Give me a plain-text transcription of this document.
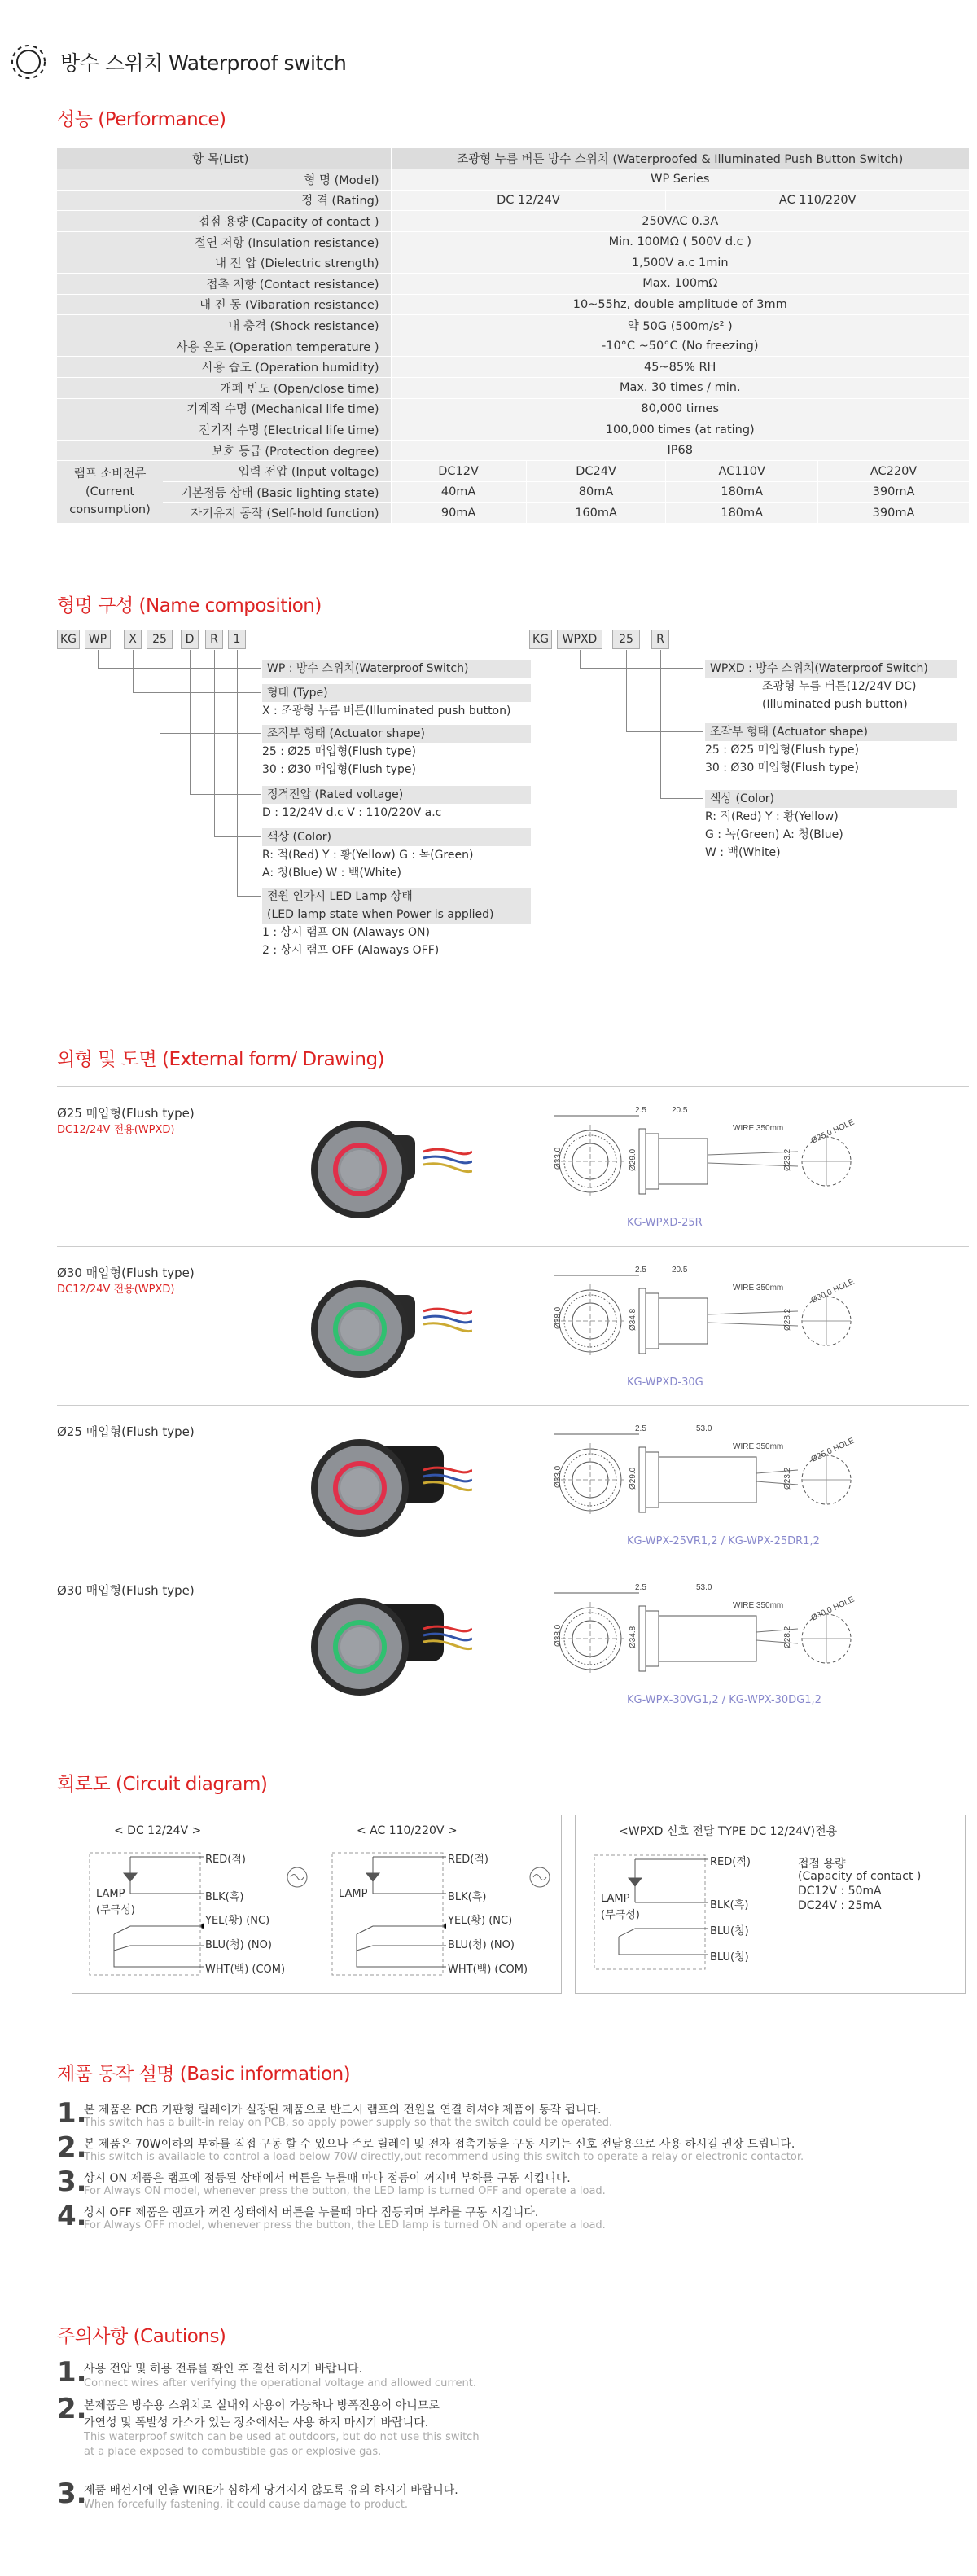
방수 스위치 Waterproof switch
성능 (Performance)
항 목(List)		조광형 누름 버튼 방수 스위치 (Waterproofed & Illuminated Push Button Switch)			
형 명 (Model)		WP Series			
정 격 (Rating)		DC 12/24V		AC 110/220V	
접점 용량 (Capacity of contact )		250VAC 0.3A			
절연 저항 (Insulation resistance)		Min. 100MΩ ( 500V d.c )			
내 전 압 (Dielectric strength)		1,500V a.c 1min			
접촉 저항 (Contact resistance)		Max. 100mΩ			
내 진 동 (Vibaration resistance)		10~55hz, double amplitude of 3mm			
내 충격 (Shock resistance)		약 50G (500m/s² )			
사용 온도 (Operation temperature )		-10°C ~50°C (No freezing)			
사용 습도 (Operation humidity)		45~85% RH			
개폐 빈도 (Open/close time)		Max. 30 times / min.			
기계적 수명 (Mechanical life time)		80,000 times			
전기적 수명 (Electrical life time)		100,000 times (at rating)			
보호 등급 (Protection degree)		IP68			
램프 소비전류 (Current consumption)	입력 전압 (Input voltage)	DC12V	DC24V	AC110V	AC220V
	기본점등 상태 (Basic lighting state)	40mA	80mA	180mA	390mA
	자기유지 동작 (Self-hold function)	90mA	160mA	180mA	390mA
형명 구성 (Name composition)
KG	WP	X	25	D	R	1	KG	WPXD	25	R
WP : 방수 스위치(Waterproof Switch)
형태 (Type)
X : 조광형 누름 버튼(Illuminated push button)
조작부 형태 (Actuator shape)
25 : Ø25 매입형(Flush type)
30 : Ø30 매입형(Flush type)
정격전압 (Rated voltage)
D : 12/24V d.c V : 110/220V a.c
색상 (Color)
R: 적(Red) Y : 황(Yellow) G : 녹(Green)
A: 청(Blue) W : 백(White)
전원 인가시 LED Lamp 상태
(LED lamp state when Power is applied)
1 : 상시 램프 ON (Alaways ON)
2 : 상시 램프 OFF (Alaways OFF)
WPXD : 방수 스위치(Waterproof Switch)
조광형 누름 버튼(12/24V DC)
(Illuminated push button)
조작부 형태 (Actuator shape)
25 : Ø25 매입형(Flush type)
30 : Ø30 매입형(Flush type)
색상 (Color)
R: 적(Red) Y : 황(Yellow)
G : 녹(Green) A: 청(Blue)
W : 백(White)
외형 및 도면 (External form/ Drawing)
Ø25 매입형(Flush type)
DC12/24V 전용(WPXD)
2.5	20.5
WIRE 350mm
Ø33.0	Ø29.0	Ø23.2
Ø25.0 HOLE
KG-WPXD-25R
Ø30 매입형(Flush type)
DC12/24V 전용(WPXD)
2.5	20.5
WIRE 350mm
Ø38.0	Ø34.8	Ø28.2
Ø30.0 HOLE
KG-WPXD-30G
Ø25 매입형(Flush type)	2.5	53.0
WIRE 350mm
Ø33.0	Ø29.0	Ø23.2
Ø25.0 HOLE
KG-WPX-25VR1,2 / KG-WPX-25DR1,2
Ø30 매입형(Flush type)	2.5	53.0
WIRE 350mm
Ø38.0	Ø34.8	Ø28.2
Ø30.0 HOLE
KG-WPX-30VG1,2 / KG-WPX-30DG1,2
회로도 (Circuit diagram)
< DC 12/24V >
LAMP
(무극성)
RED(적)
BLK(흑)
YEL(황) (NC)
BLU(청) (NO)
WHT(백) (COM)
< AC 110/220V >
LAMP
RED(적)
BLK(흑)
YEL(황) (NC)
BLU(청) (NO)
WHT(백) (COM)
<WPXD 신호 전달 TYPE DC 12/24V)전용
LAMP
(무극성)
RED(적)
BLK(흑)
BLU(청)
BLU(청)
접점 용량
(Capacity of contact )
DC12V : 50mA
DC24V : 25mA
제품 동작 설명 (Basic information)
1.
본 제품은 PCB 기판형 릴레이가 실장된 제품으로 반드시 램프의 전원을 연결 하셔야 제품이 동작 됩니다.
This switch has a built-in relay on PCB, so apply power supply so that the switch could be operated.
2.
본 제품은 70W이하의 부하를 직접 구동 할 수 있으나 주로 릴레이 및 전자 접촉기등을 구동 시키는 신호 전달용으로 사용 하시길 권장 드립니다.
This switch is available to control a load below 70W directly,but recommend using this switch to operate a relay or electronic contactor.
3.
상시 ON 제품은 램프에 점등된 상태에서 버튼을 누를때 마다 점등이 꺼지며 부하를 구동 시킵니다.
For Always ON model, whenever press the button, the LED lamp is turned OFF and operate a load.
4.
상시 OFF 제품은 램프가 꺼진 상태에서 버튼을 누를때 마다 점등되며 부하를 구동 시킵니다.
For Always OFF model, whenever press the button, the LED lamp is turned ON and operate a load.
주의사항 (Cautions)
1.
사용 전압 및 허용 전류를 확인 후 결선 하시기 바랍니다.
Connect wires after verifying the operational voltage and allowed current.
2.
본제품은 방수용 스위치로 실내외 사용이 가능하나 방폭전용이 아니므로
가연성 및 폭발성 가스가 있는 장소에서는 사용 하지 마시기 바랍니다.
This waterproof switch can be used at outdoors, but do not use this switch
at a place exposed to combustible gas or explosive gas.
3.
제품 배선시에 인출 WIRE가 심하게 당겨지지 않도록 유의 하시기 바랍니다.
When forcefully fastening, it could cause damage to product.
